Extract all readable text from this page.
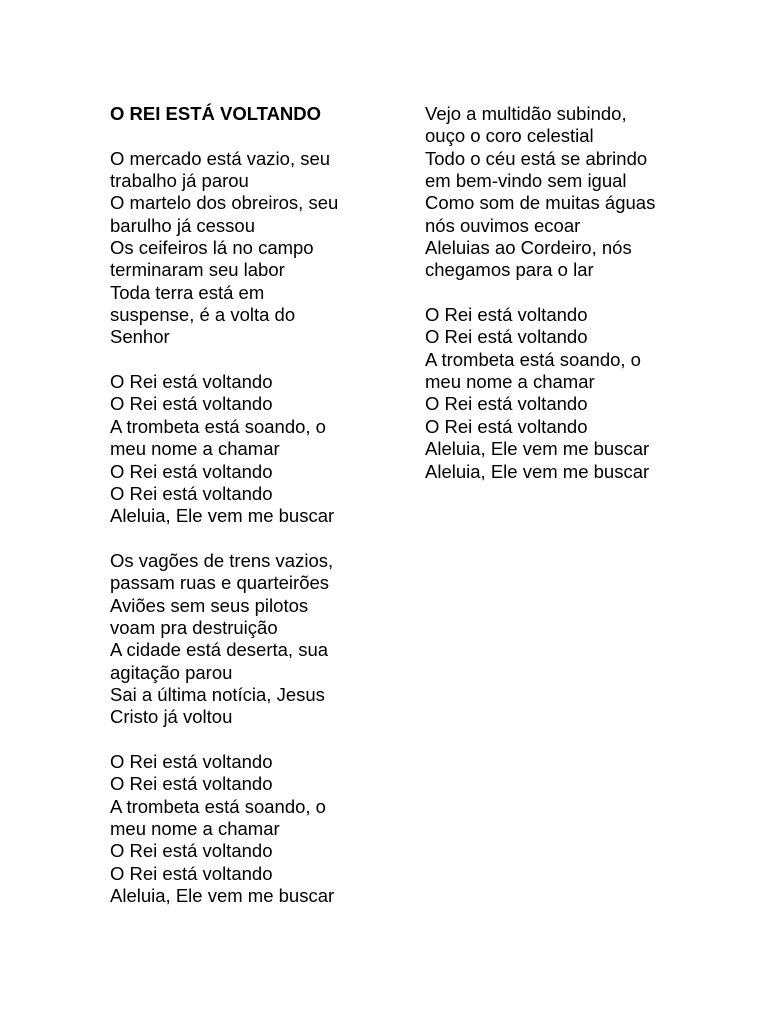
O REI ESTÁ VOLTANDO
O mercado está vazio, seu
trabalho já parou
O martelo dos obreiros, seu
barulho já cessou
Os ceifeiros lá no campo
terminaram seu labor
Toda terra está em
suspense, é a volta do
Senhor
O Rei está voltando
O Rei está voltando
A trombeta está soando, o
meu nome a chamar
O Rei está voltando
O Rei está voltando
Aleluia, Ele vem me buscar
Os vagões de trens vazios,
passam ruas e quarteirões
Aviões sem seus pilotos
voam pra destruição
A cidade está deserta, sua
agitação parou
Sai a última notícia, Jesus
Cristo já voltou
O Rei está voltando
O Rei está voltando
A trombeta está soando, o
meu nome a chamar
O Rei está voltando
O Rei está voltando
Aleluia, Ele vem me buscar
Vejo a multidão subindo,
ouço o coro celestial
Todo o céu está se abrindo
em bem-vindo sem igual
Como som de muitas águas
nós ouvimos ecoar
Aleluias ao Cordeiro, nós
chegamos para o lar
O Rei está voltando
O Rei está voltando
A trombeta está soando, o
meu nome a chamar
O Rei está voltando
O Rei está voltando
Aleluia, Ele vem me buscar
Aleluia, Ele vem me buscar
